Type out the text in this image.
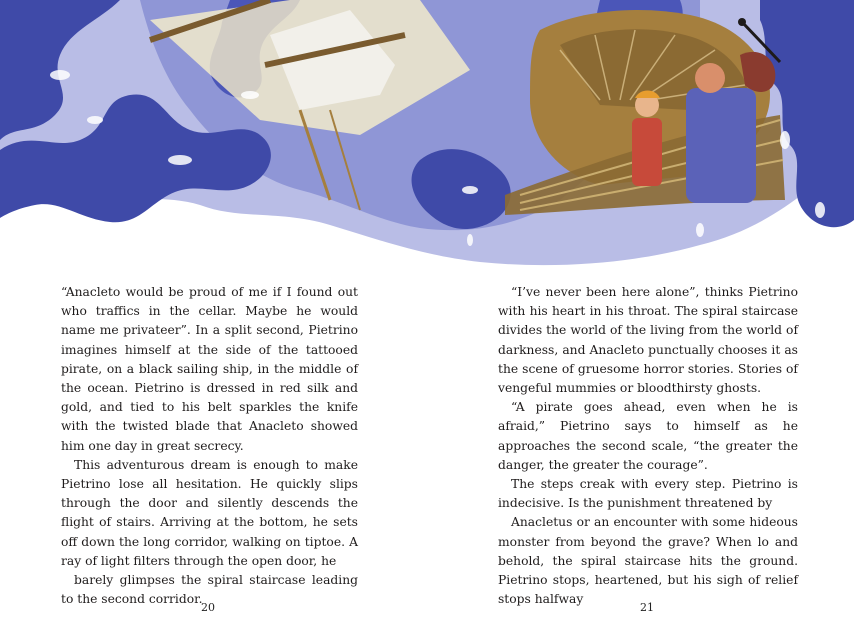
“Anacleto would be proud of me if I found out who traffics in the cellar. Maybe he would name me privateer”. In a split second, Pietrino imagines himself at the side of the tattooed pirate, on a black sailing ship, in the middle of the ocean. Pietrino is dressed in red silk and gold, and tied to his belt sparkles the knife with the twisted blade that Anacleto showed him one day in great secrecy.

This adventurous dream is enough to make Pietrino lose all hesitation. He quickly slips through the door and silently descends the flight of stairs. Arriving at the bottom, he sets off down the long corridor, walking on tiptoe. A ray of light filters through the open door, he

barely glimpses the spiral staircase leading to the second corridor.

“I’ve never been here alone”, thinks Pietrino with his heart in his throat. The spiral staircase divides the world of the living from the world of darkness, and Anacleto punctually chooses it as the scene of gruesome horror stories. Stories of vengeful mummies or bloodthirsty ghosts.

“A pirate goes ahead, even when he is afraid,” Pietrino says to himself as he approaches the second scale, “the greater the danger, the greater the courage”.

The steps creak with every step. Pietrino is indecisive. Is the punishment threatened by

Anacletus or an encounter with some hideous monster from beyond the grave? When lo and behold, the spiral staircase hits the ground. Pietrino stops, heartened, but his sigh of relief stops halfway

20	21
